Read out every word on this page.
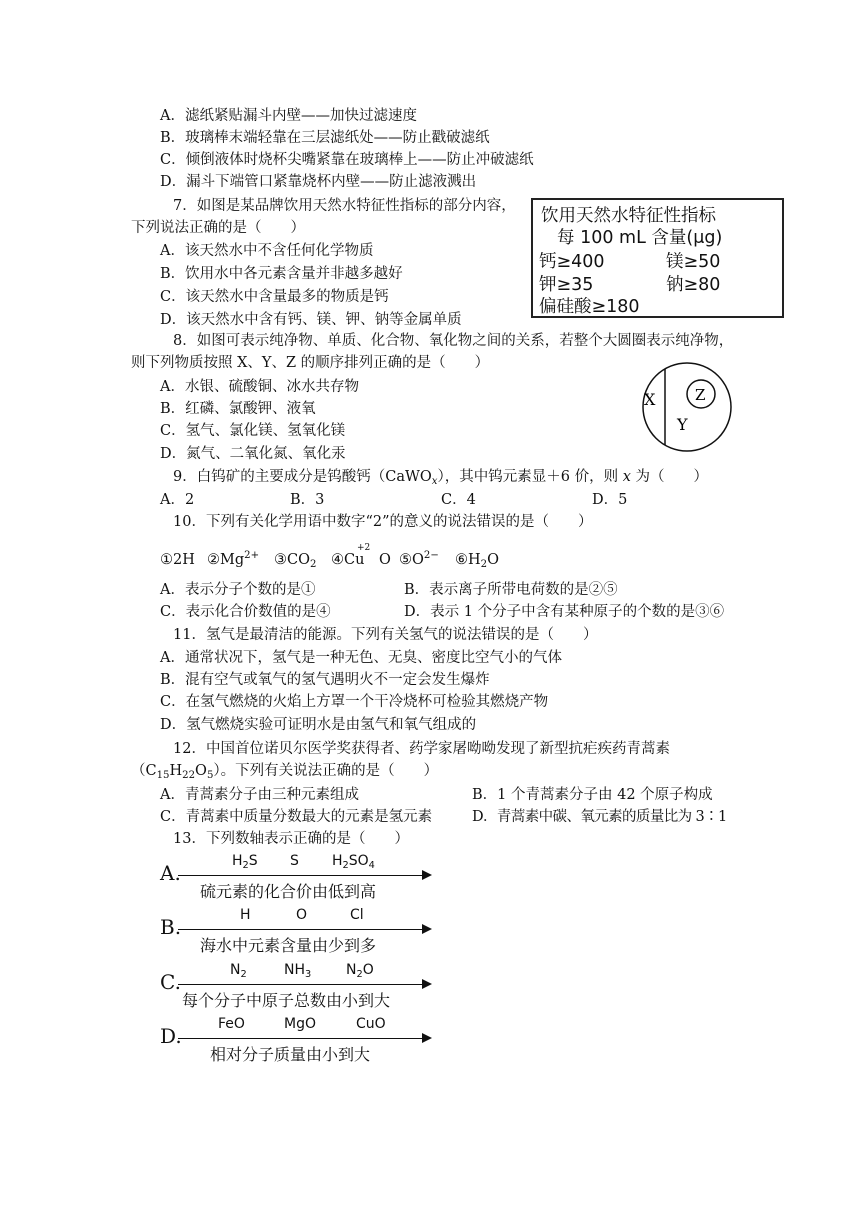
A．滤纸紧贴漏斗内壁——加快过滤速度
B．玻璃棒末端轻靠在三层滤纸处——防止戳破滤纸
C．倾倒液体时烧杯尖嘴紧靠在玻璃棒上——防止冲破滤纸
D．漏斗下端管口紧靠烧杯内壁——防止滤液溅出
7．如图是某品牌饮用天然水特征性指标的部分内容，
下列说法正确的是（　　）
A．该天然水中不含任何化学物质
B．饮用水中各元素含量并非越多越好
C．该天然水中含量最多的物质是钙
D．该天然水中含有钙、镁、钾、钠等金属单质
饮用天然水特征性指标
每 100 mL 含量(μg)
钙≥400	镁≥50
钾≥35	钠≥80
偏硅酸≥180
8．如图可表示纯净物、单质、化合物、氧化物之间的关系，若整个大圆圈表示纯净物，
则下列物质按照 X、Y、Z 的顺序排列正确的是（　　）
A．水银、硫酸铜、冰水共存物
B．红磷、氯酸钾、液氧
C．氢气、氯化镁、氢氧化镁
D．氮气、二氧化氮、氧化汞
X	Z
Y
9．白钨矿的主要成分是钨酸钙（CaWO$_x$），其中钨元素显＋6 价，则 x 为（　　）
A．2	B．3	C．4	D．5
10．下列有关化学用语中数字“2”的意义的说法错误的是（　　）
①2H $②Mg^{2+}$ $③CO_2$ ④Cu
+2
 O $⑤O^{2-}$ $⑥H_2O$
A．表示分子个数的是①	B．表示离子所带电荷数的是②⑤
C．表示化合价数值的是④	D．表示 1 个分子中含有某种原子的个数的是③⑥
11．氢气是最清洁的能源。下列有关氢气的说法错误的是（　　）
A．通常状况下，氢气是一种无色、无臭、密度比空气小的气体
B．混有空气或氧气的氢气遇明火不一定会发生爆炸
C．在氢气燃烧的火焰上方罩一个干冷烧杯可检验其燃烧产物
D．氢气燃烧实验可证明水是由氢气和氧气组成的
12．中国首位诺贝尔医学奖获得者、药学家屠呦呦发现了新型抗疟疾药青蒿素
$(C_{15}H_{22}O_5)$。下列有关说法正确的是（　　）
A．青蒿素分子由三种元素组成	B．1 个青蒿素分子由 42 个原子构成
C．青蒿素中质量分数最大的元素是氢元素	D．青蒿素中碳、氧元素的质量比为 3∶1
13．下列数轴表示正确的是（　　）
A.	$H_2S$ S $H_2SO_4$
硫元素的化合价由低到高
B.	H	O	Cl
海水中元素含量由少到多
C.	$N_2$	$NH_3$ $N_2O$
每个分子中原子总数由小到大
D.	FeO	MgO	CuO
相对分子质量由小到大
